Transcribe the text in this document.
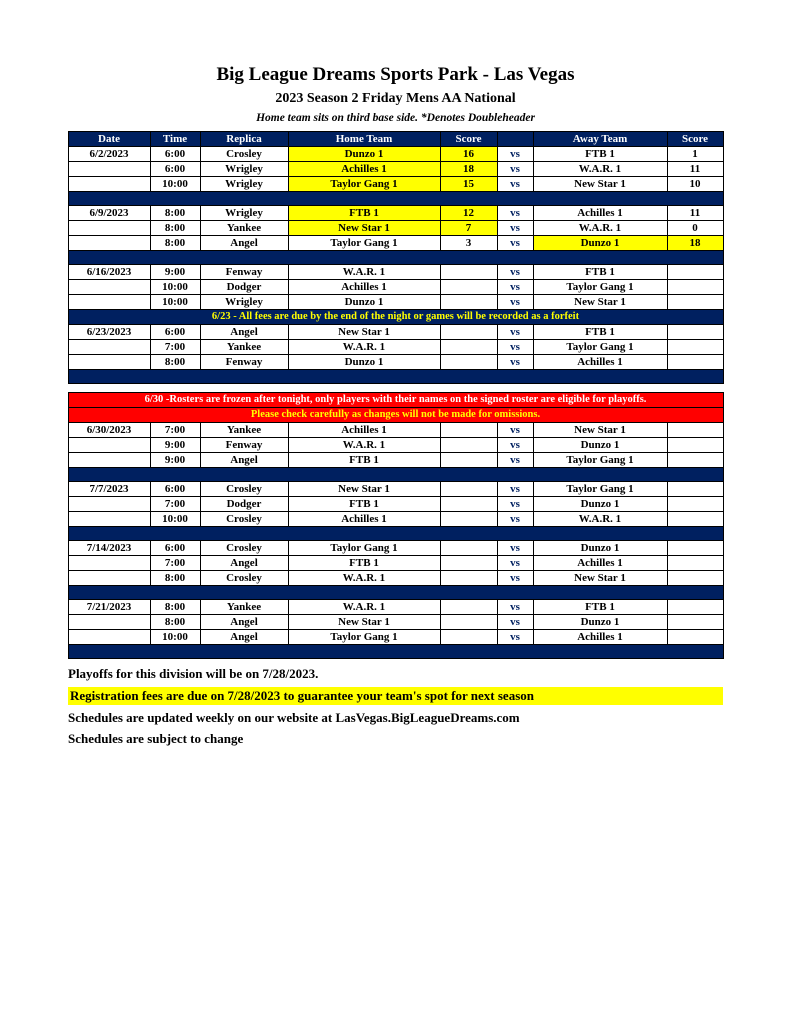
Big League Dreams Sports Park - Las Vegas
2023 Season 2 Friday Mens AA National
Home team sits on third base side. *Denotes Doubleheader
Date	Time	Replica	Home Team	Score		Away Team	Score
6/2/2023	6:00	Crosley	Dunzo 1	16	vs	FTB 1	1
	6:00	Wrigley	Achilles 1	18	vs	W.A.R. 1	11
	10:00	Wrigley	Taylor Gang 1	15	vs	New Star 1	10

6/9/2023	8:00	Wrigley	FTB 1	12	vs	Achilles 1	11
	8:00	Yankee	New Star 1	7	vs	W.A.R. 1	0
	8:00	Angel	Taylor Gang 1	3	vs	Dunzo 1	18

6/16/2023	9:00	Fenway	W.A.R. 1		vs	FTB 1	
	10:00	Dodger	Achilles 1		vs	Taylor Gang 1	
	10:00	Wrigley	Dunzo 1		vs	New Star 1	
6/23 - All fees are due by the end of the night or games will be recorded as a forfeit							
6/23/2023	6:00	Angel	New Star 1		vs	FTB 1	
	7:00	Yankee	W.A.R. 1		vs	Taylor Gang 1	
	8:00	Fenway	Dunzo 1		vs	Achilles 1	

6/30 -Rosters are frozen after tonight, only players with their names on the signed roster are eligible for playoffs.							
Please check carefully as changes will not be made for omissions.							
6/30/2023	7:00	Yankee	Achilles 1		vs	New Star 1	
	9:00	Fenway	W.A.R. 1		vs	Dunzo 1	
	9:00	Angel	FTB 1		vs	Taylor Gang 1	

7/7/2023	6:00	Crosley	New Star 1		vs	Taylor Gang 1	
	7:00	Dodger	FTB 1		vs	Dunzo 1	
	10:00	Crosley	Achilles 1		vs	W.A.R. 1	

7/14/2023	6:00	Crosley	Taylor Gang 1		vs	Dunzo 1	
	7:00	Angel	FTB 1		vs	Achilles 1	
	8:00	Crosley	W.A.R. 1		vs	New Star 1	

7/21/2023	8:00	Yankee	W.A.R. 1		vs	FTB 1	
	8:00	Angel	New Star 1		vs	Dunzo 1	
	10:00	Angel	Taylor Gang 1		vs	Achilles 1	

Playoffs for this division will be on 7/28/2023.
Registration fees are due on 7/28/2023 to guarantee your team's spot for next season
Schedules are updated weekly on our website at LasVegas.BigLeagueDreams.com
Schedules are subject to change
